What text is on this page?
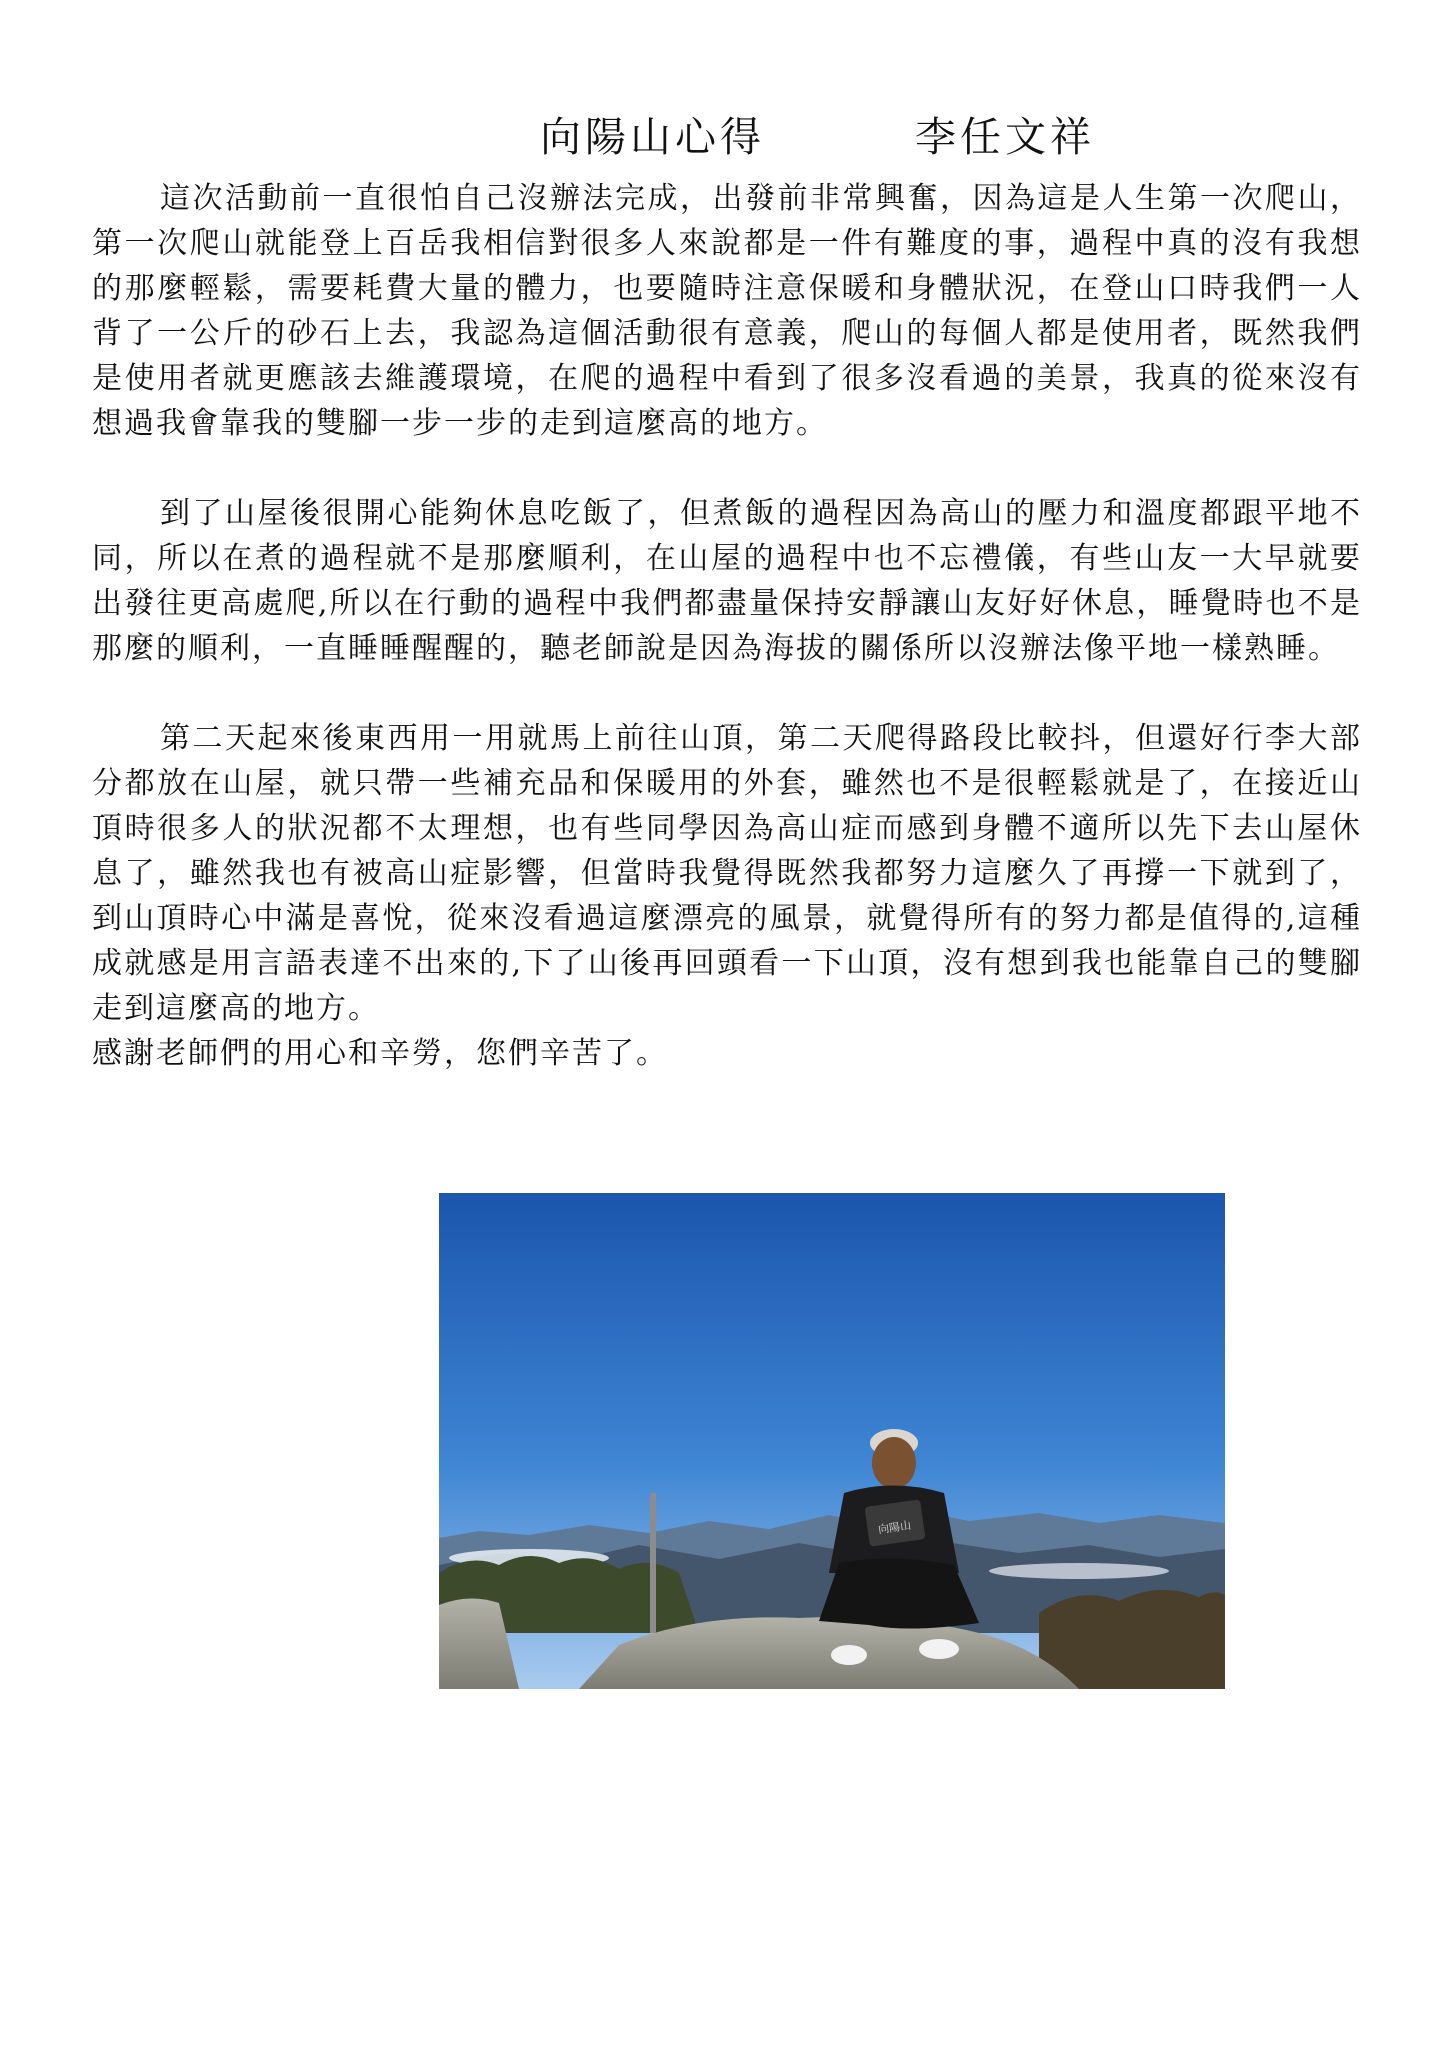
向陽山心得	李任文祥

這次活動前一直很怕自己沒辦法完成，出發前非常興奮，因為這是人生第一次爬山，第一次爬山就能登上百岳我相信對很多人來說都是一件有難度的事，過程中真的沒有我想的那麼輕鬆，需要耗費大量的體力，也要隨時注意保暖和身體狀況，在登山口時我們一人背了一公斤的砂石上去，我認為這個活動很有意義，爬山的每個人都是使用者，既然我們是使用者就更應該去維護環境，在爬的過程中看到了很多沒看過的美景，我真的從來沒有想過我會靠我的雙腳一步一步的走到這麼高的地方。

到了山屋後很開心能夠休息吃飯了，但煮飯的過程因為高山的壓力和溫度都跟平地不同，所以在煮的過程就不是那麼順利，在山屋的過程中也不忘禮儀，有些山友一大早就要出發往更高處爬,所以在行動的過程中我們都盡量保持安靜讓山友好好休息，睡覺時也不是那麼的順利，一直睡睡醒醒的，聽老師說是因為海拔的關係所以沒辦法像平地一樣熟睡。

第二天起來後東西用一用就馬上前往山頂，第二天爬得路段比較抖，但還好行李大部分都放在山屋，就只帶一些補充品和保暖用的外套，雖然也不是很輕鬆就是了，在接近山頂時很多人的狀況都不太理想，也有些同學因為高山症而感到身體不適所以先下去山屋休息了，雖然我也有被高山症影響，但當時我覺得既然我都努力這麼久了再撐一下就到了，到山頂時心中滿是喜悅，從來沒看過這麼漂亮的風景，就覺得所有的努力都是值得的,這種成就感是用言語表達不出來的,下了山後再回頭看一下山頂，沒有想到我也能靠自己的雙腳走到這麼高的地方。

感謝老師們的用心和辛勞，您們辛苦了。

向陽山
